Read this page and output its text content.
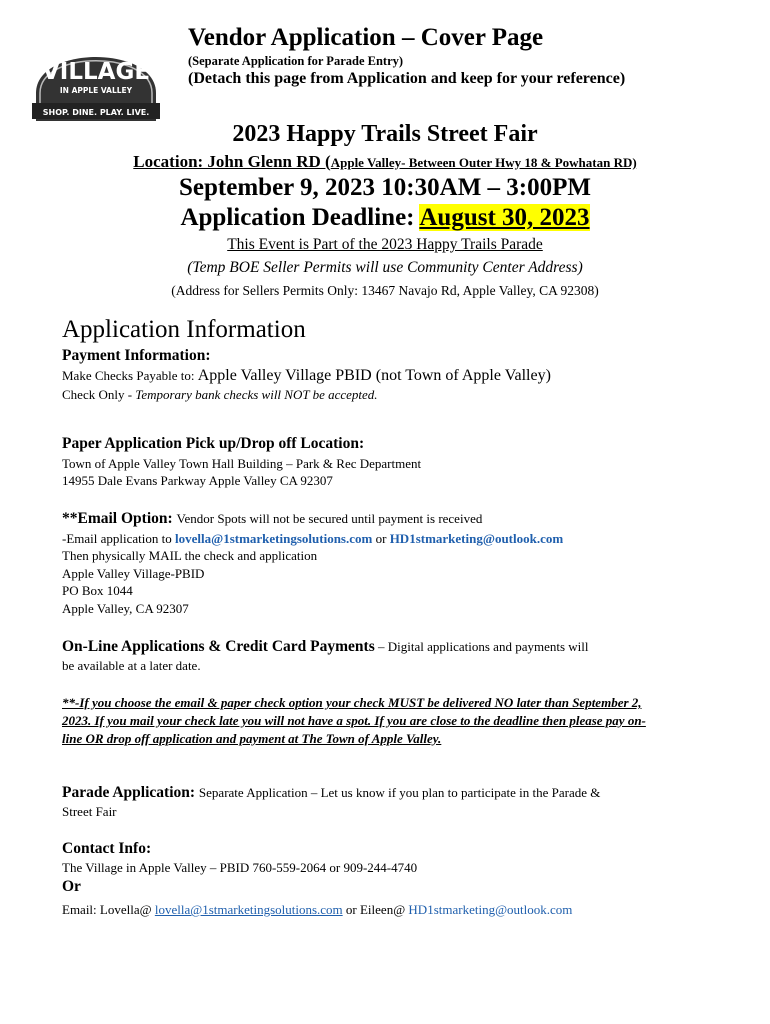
THE
VILLAGE
IN APPLE VALLEY
SHOP. DINE. PLAY. LIVE.
Vendor Application – Cover Page
(Separate Application for Parade Entry)
(Detach this page from Application and keep for your reference)
2023 Happy Trails Street Fair
Location: John Glenn RD (Apple Valley- Between Outer Hwy 18 & Powhatan RD)
September 9, 2023 10:30AM – 3:00PM
Application Deadline: August 30, 2023
This Event is Part of the 2023 Happy Trails Parade
(Temp BOE Seller Permits will use Community Center Address)
(Address for Sellers Permits Only: 13467 Navajo Rd, Apple Valley, CA 92308)
Application Information
Payment Information:
Make Checks Payable to: Apple Valley Village PBID (not Town of Apple Valley)
Check Only - Temporary bank checks will NOT be accepted.
Paper Application Pick up/Drop off Location:
Town of Apple Valley Town Hall Building – Park & Rec Department
14955 Dale Evans Parkway Apple Valley CA 92307
**Email Option: Vendor Spots will not be secured until payment is received
-Email application to lovella@1stmarketingsolutions.com or HD1stmarketing@outlook.com
Then physically MAIL the check and application
Apple Valley Village-PBID
PO Box 1044
Apple Valley, CA 92307
On-Line Applications & Credit Card Payments – Digital applications and payments will
be available at a later date.
**-If you choose the email & paper check option your check MUST be delivered NO later than September 2, 2023. If you mail your check late you will not have a spot. If you are close to the deadline then please pay on-line OR drop off application and payment at The Town of Apple Valley.
Parade Application: Separate Application – Let us know if you plan to participate in the Parade &
Street Fair
Contact Info:
The Village in Apple Valley – PBID 760-559-2064 or 909-244-4740
Or
Email: Lovella@ lovella@1stmarketingsolutions.com or Eileen@ HD1stmarketing@outlook.com
